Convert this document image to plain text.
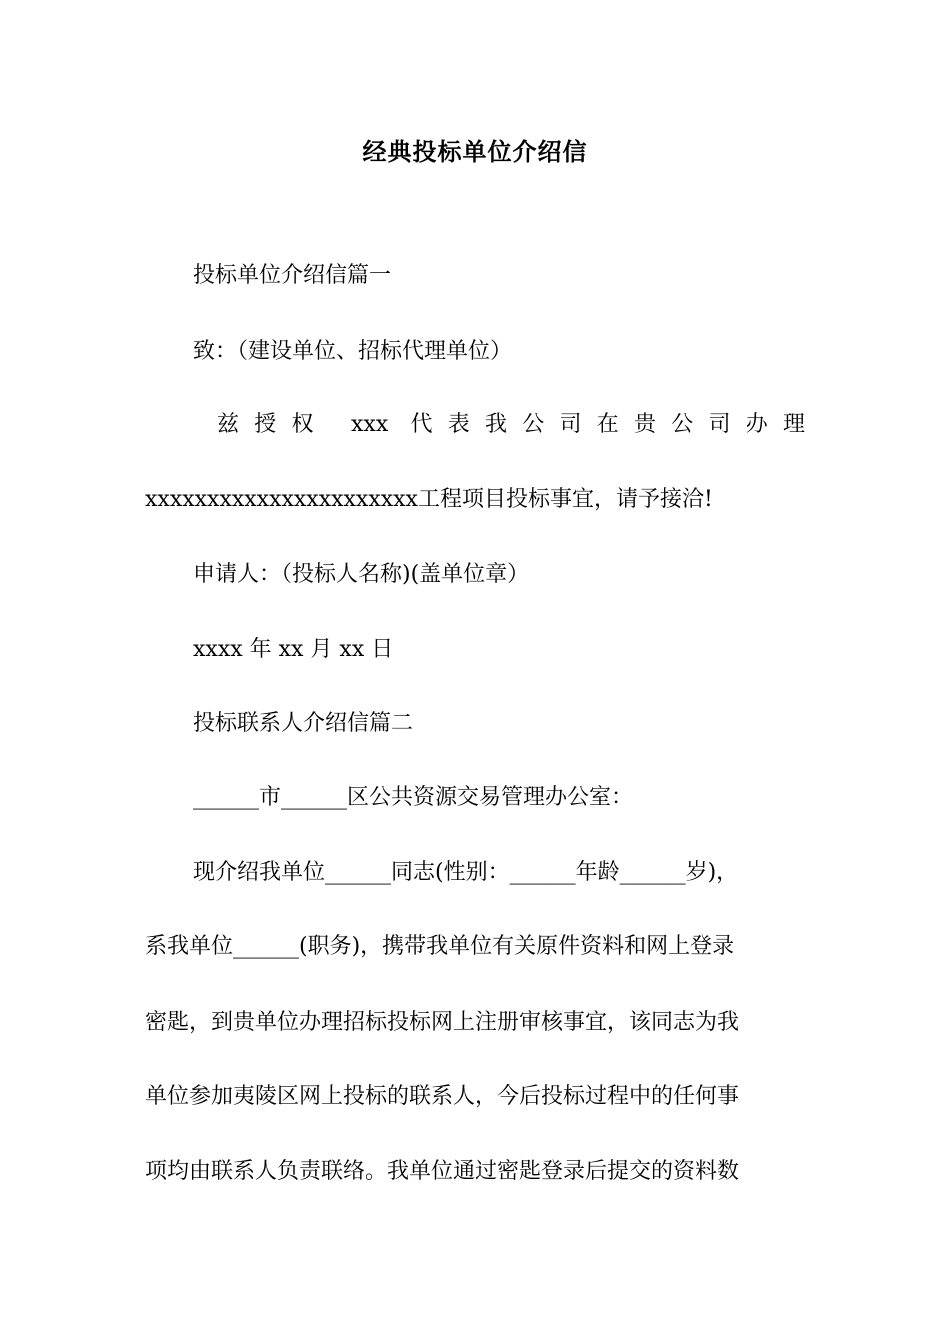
经典投标单位介绍信
投标单位介绍信篇一
致：（建设单位、招标代理单位）
兹授权 xxx 代表我公司在贵公司办理
xxxxxxxxxxxxxxxxxxxxxx工程项目投标事宜，请予接洽!
申请人：（投标人名称)(盖单位章）
xxxx 年 xx 月 xx 日
投标联系人介绍信篇二
______市______区公共资源交易管理办公室：
现介绍我单位______同志(性别：______年龄______岁)，
系我单位______(职务)，携带我单位有关原件资料和网上登录
密匙，到贵单位办理招标投标网上注册审核事宜，该同志为我
单位参加夷陵区网上投标的联系人，今后投标过程中的任何事
项均由联系人负责联络。我单位通过密匙登录后提交的资料数
